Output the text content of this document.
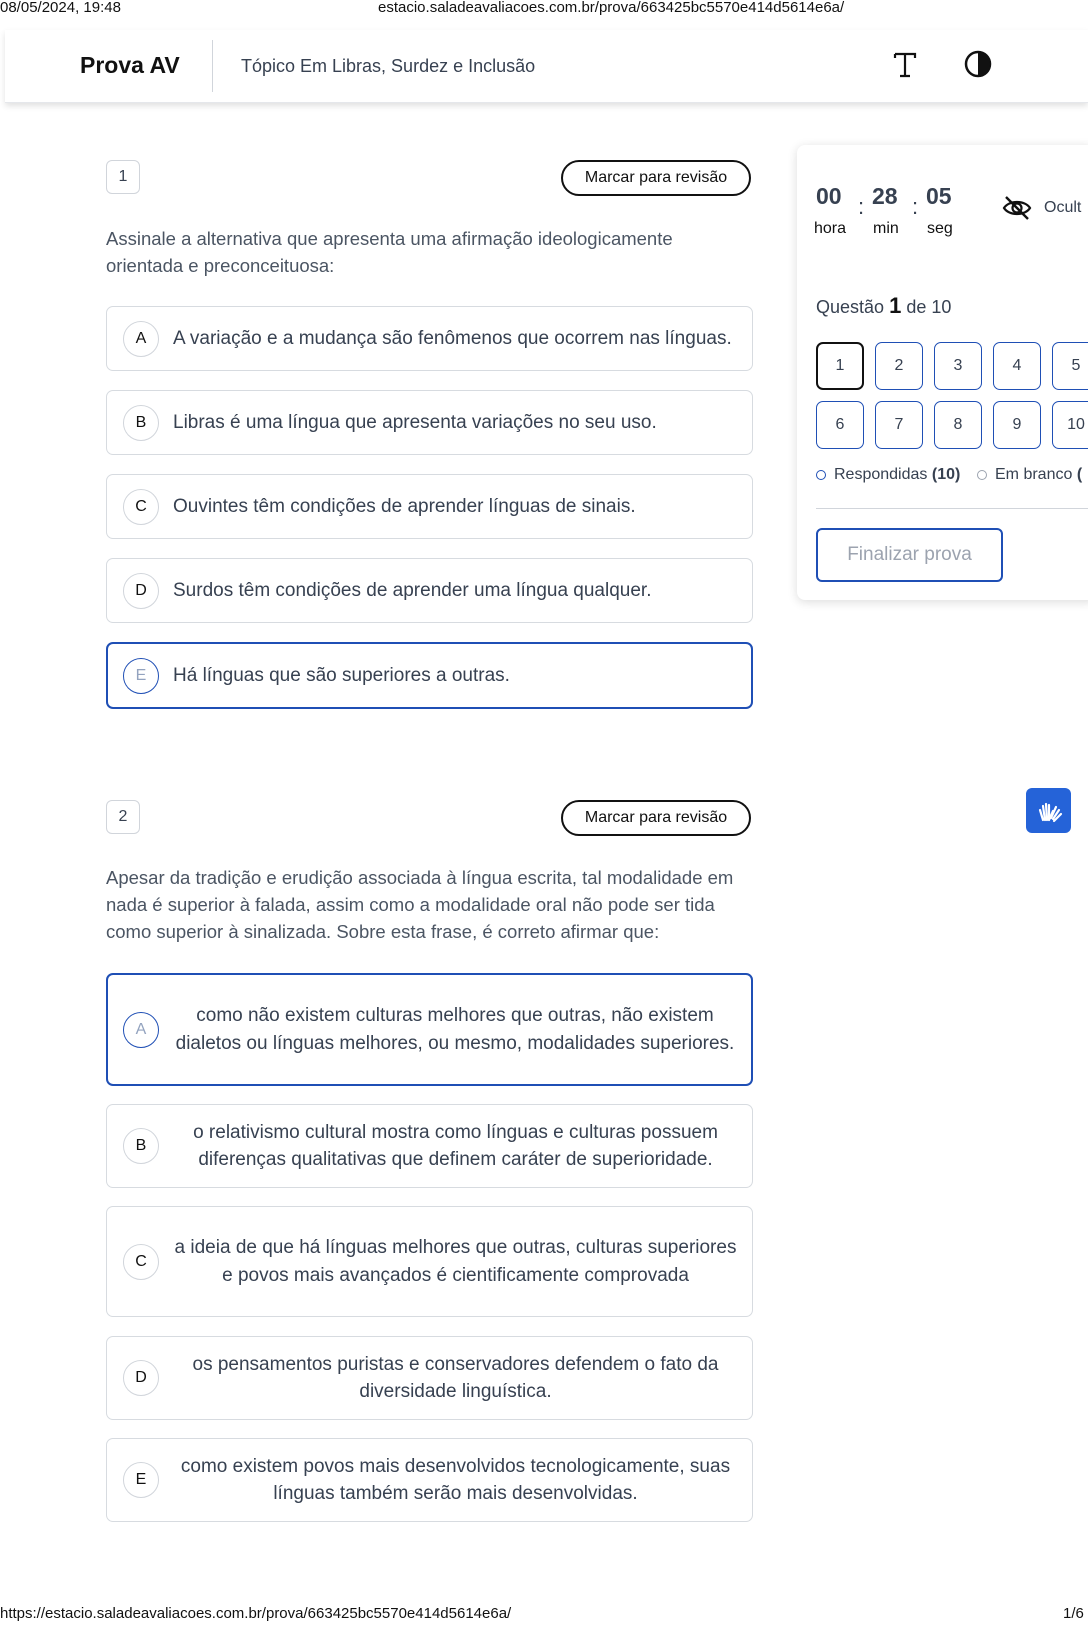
08/05/2024, 19:48	estacio.saladeavaliacoes.com.br/prova/663425bc5570e414d5614e6a/
Prova AV	Tópico Em Libras, Surdez e Inclusão
1	Marcar para revisão
Assinale a alternativa que apresenta uma afirmação ideologicamente orientada e preconceituosa:
A	A variação e a mudança são fenômenos que ocorrem nas línguas.
B	Libras é uma língua que apresenta variações no seu uso.
C	Ouvintes têm condições de aprender línguas de sinais.
D	Surdos têm condições de aprender uma língua qualquer.
E	Há línguas que são superiores a outras.
2	Marcar para revisão
Apesar da tradição e erudição associada à língua escrita, tal modalidade em nada é superior à falada, assim como a modalidade oral não pode ser tida como superior à sinalizada. Sobre esta frase, é correto afirmar que:
A
como não existem culturas melhores que outras, não existem dialetos ou línguas melhores, ou mesmo, modalidades superiores.
B
o relativismo cultural mostra como línguas e culturas possuem diferenças qualitativas que definem caráter de superioridade.
C
a ideia de que há línguas melhores que outras, culturas superiores e povos mais avançados é cientificamente comprovada
D
os pensamentos puristas e conservadores defendem o fato da diversidade linguística.
E
como existem povos mais desenvolvidos tecnologicamente, suas línguas também serão mais desenvolvidas.
00 : 28 : 05
hora min seg
Ocult
Questão 1 de 10
1	2	3	4	5
6	7	8	9	10
Respondidas
(10) Em branco
(
Finalizar prova
https://estacio.saladeavaliacoes.com.br/prova/663425bc5570e414d5614e6a/	1/6
